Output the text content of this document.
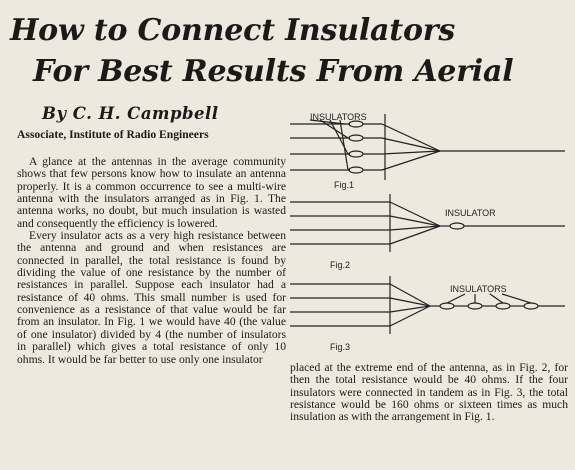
How to Connect Insulators
For Best Results From Aerial
By C. H. Campbell
Associate, Institute of Radio Engineers

A glance at the antennas in the average community shows that few persons know how to insulate an antenna properly. It is a common occurrence to see a multi-wire antenna with the insulators arranged as in Fig. 1. The antenna works, no doubt, but much insulation is wasted and consequently the efficiency is lowered.

Every insulator acts as a very high resistance between the antenna and ground and when resistances are connected in parallel, the total resistance is found by dividing the value of one resistance by the number of resistances in parallel. Suppose each insulator had a resistance of 40 ohms. This small number is used for convenience as a resistance of that value would be far from an insulator. In Fig. 1 we would have 40 (the value of one insulator) divided by 4 (the number of insulators in parallel) which gives a total resistance of only 10 ohms. It would be far better to use only one insulator

INSULATORS
Fig.1
INSULATOR
Fig.2
INSULATORS
Fig.3

placed at the extreme end of the antenna, as in Fig. 2, for then the total resistance would be 40 ohms. If the four insulators were connected in tandem as in Fig. 3, the total resistance would be 160 ohms or sixteen times as much insulation as with the arrangement in Fig. 1.
